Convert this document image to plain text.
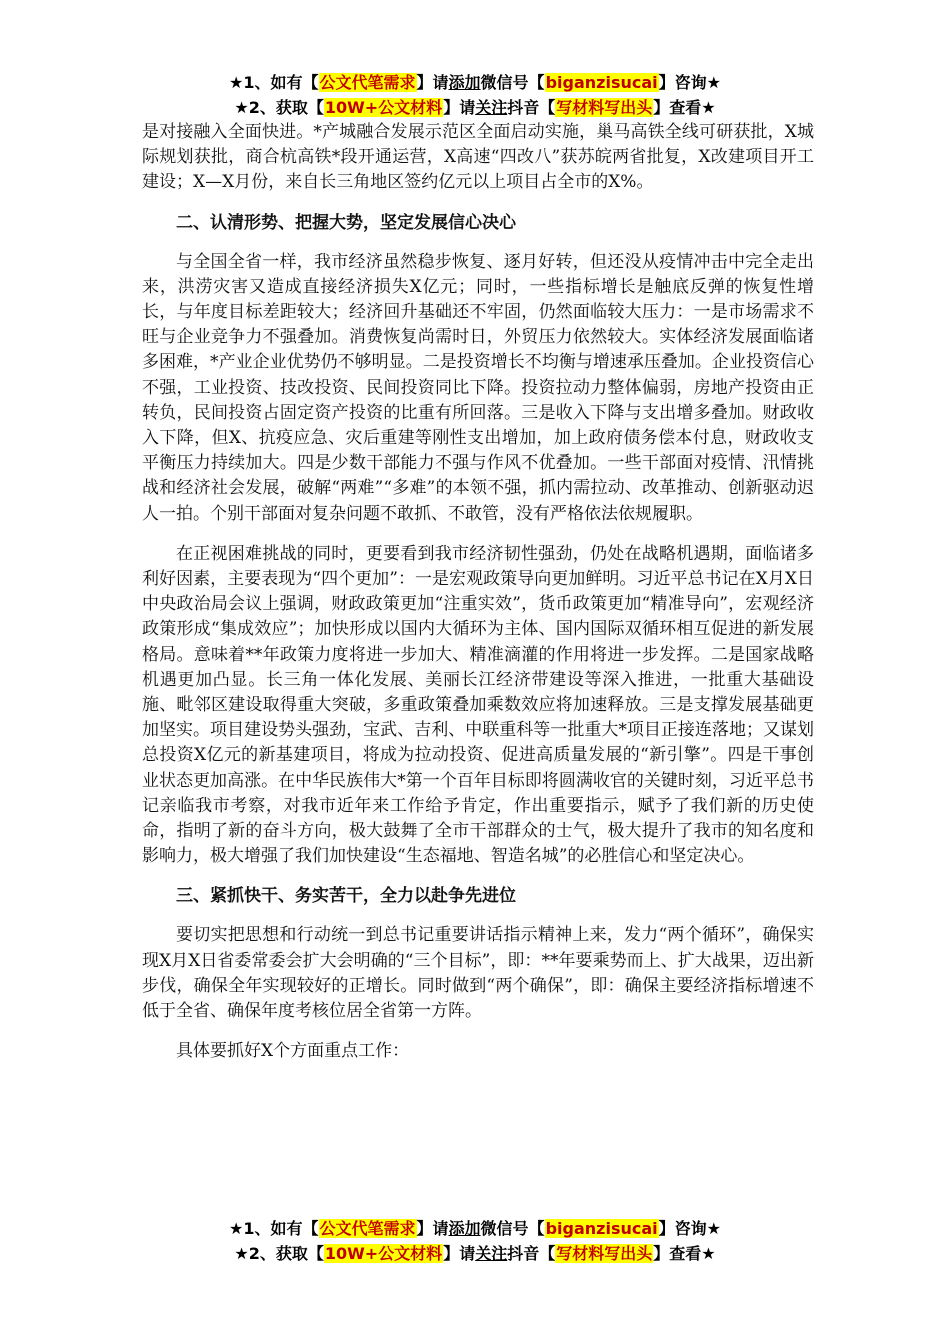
★1、如有【公文代笔需求】请添加微信号【biganzisucai】咨询★
★2、获取【10W+公文材料】请关注抖音【写材料写出头】查看★

是对接融入全面快进。*产城融合发展示范区全面启动实施，巢马高铁全线可研获批，X城际规划获批，商合杭高铁*段开通运营，X高速“四改八”获苏皖两省批复，X改建项目开工建设；X—X月份，来自长三角地区签约亿元以上项目占全市的X%。

二、认清形势、把握大势，坚定发展信心决心

与全国全省一样，我市经济虽然稳步恢复、逐月好转，但还没从疫情冲击中完全走出来，洪涝灾害又造成直接经济损失X亿元；同时，一些指标增长是触底反弹的恢复性增长，与年度目标差距较大；经济回升基础还不牢固，仍然面临较大压力：一是市场需求不旺与企业竞争力不强叠加。消费恢复尚需时日，外贸压力依然较大。实体经济发展面临诸多困难，*产业企业优势仍不够明显。二是投资增长不均衡与增速承压叠加。企业投资信心不强，工业投资、技改投资、民间投资同比下降。投资拉动力整体偏弱，房地产投资由正转负，民间投资占固定资产投资的比重有所回落。三是收入下降与支出增多叠加。财政收入下降，但X、抗疫应急、灾后重建等刚性支出增加，加上政府债务偿本付息，财政收支平衡压力持续加大。四是少数干部能力不强与作风不优叠加。一些干部面对疫情、汛情挑战和经济社会发展，破解“两难”“多难”的本领不强，抓内需拉动、改革推动、创新驱动迟人一拍。个别干部面对复杂问题不敢抓、不敢管，没有严格依法依规履职。

在正视困难挑战的同时，更要看到我市经济韧性强劲，仍处在战略机遇期，面临诸多利好因素，主要表现为“四个更加”：一是宏观政策导向更加鲜明。习近平总书记在X月X日中央政治局会议上强调，财政政策更加“注重实效”，货币政策更加“精准导向”，宏观经济政策形成“集成效应”；加快形成以国内大循环为主体、国内国际双循环相互促进的新发展格局。意味着**年政策力度将进一步加大、精准滴灌的作用将进一步发挥。二是国家战略机遇更加凸显。长三角一体化发展、美丽长江经济带建设等深入推进，一批重大基础设施、毗邻区建设取得重大突破，多重政策叠加乘数效应将加速释放。三是支撑发展基础更加坚实。项目建设势头强劲，宝武、吉利、中联重科等一批重大*项目正接连落地；又谋划总投资X亿元的新基建项目，将成为拉动投资、促进高质量发展的“新引擎”。四是干事创业状态更加高涨。在中华民族伟大*第一个百年目标即将圆满收官的关键时刻，习近平总书记亲临我市考察，对我市近年来工作给予肯定，作出重要指示，赋予了我们新的历史使命，指明了新的奋斗方向，极大鼓舞了全市干部群众的士气，极大提升了我市的知名度和影响力，极大增强了我们加快建设“生态福地、智造名城”的必胜信心和坚定决心。

三、紧抓快干、务实苦干，全力以赴争先进位

要切实把思想和行动统一到总书记重要讲话指示精神上来，发力“两个循环”，确保实现X月X日省委常委会扩大会明确的“三个目标”，即：**年要乘势而上、扩大战果，迈出新步伐，确保全年实现较好的正增长。同时做到“两个确保”，即：确保主要经济指标增速不低于全省、确保年度考核位居全省第一方阵。

具体要抓好X个方面重点工作：

★1、如有【公文代笔需求】请添加微信号【biganzisucai】咨询★
★2、获取【10W+公文材料】请关注抖音【写材料写出头】查看★
